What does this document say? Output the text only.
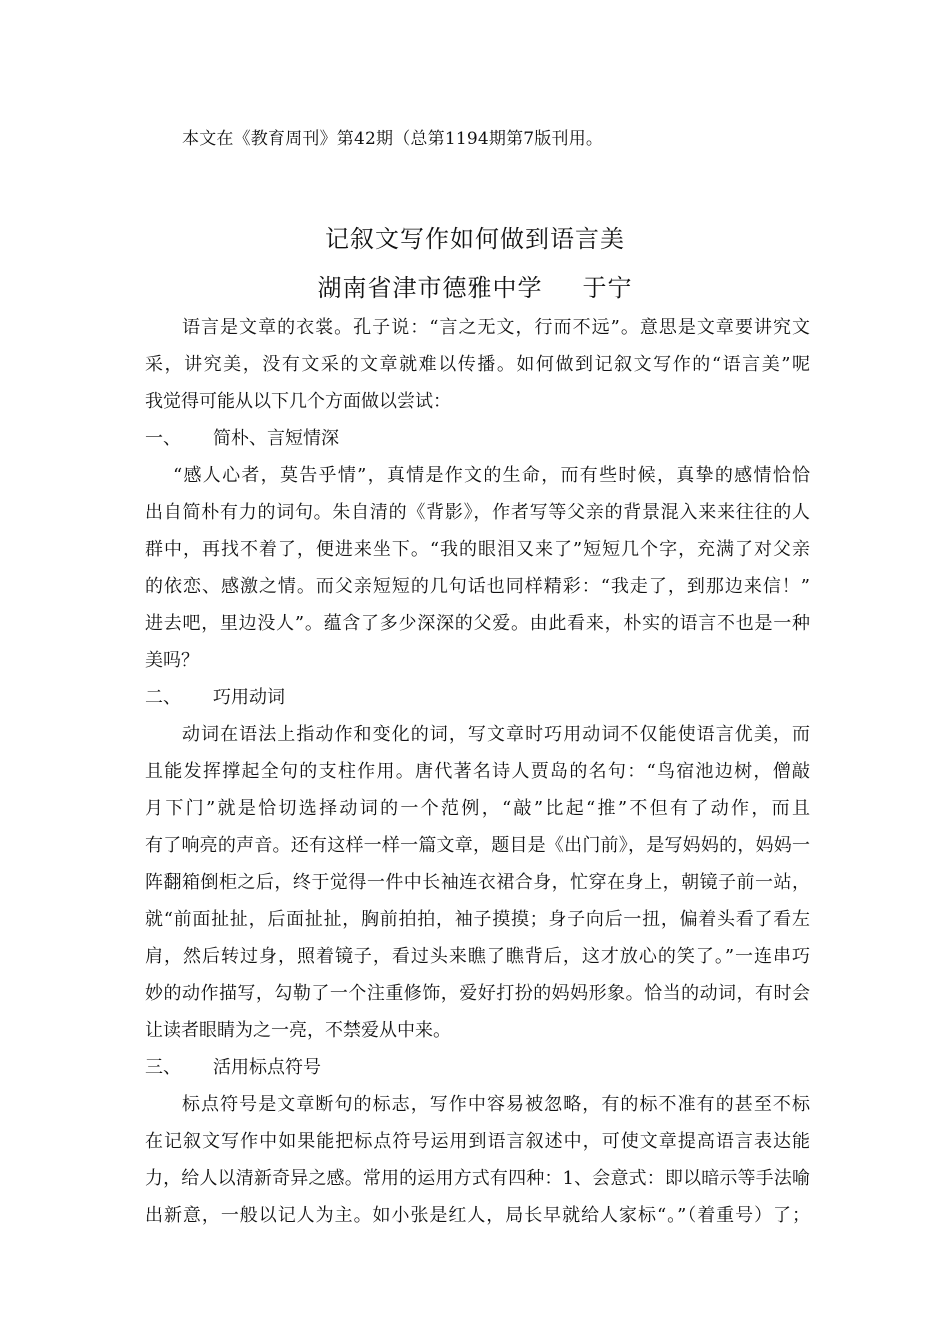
本文在《教育周刊》第42期（总第1194期第7版刊用。
记叙文写作如何做到语言美
湖南省津市德雅中学 于宁
语言是文章的衣裳。孔子说：“言之无文，行而不远”。意思是文章要讲究文
采，讲究美，没有文采的文章就难以传播。如何做到记叙文写作的“语言美”呢
我觉得可能从以下几个方面做以尝试：
一、 简朴、言短情深
“感人心者，莫告乎情”，真情是作文的生命，而有些时候，真挚的感情恰恰
出自简朴有力的词句。朱自清的《背影》，作者写等父亲的背景混入来来往往的人
群中，再找不着了，便进来坐下。“我的眼泪又来了”短短几个字，充满了对父亲
的依恋、感激之情。而父亲短短的几句话也同样精彩：“我走了，到那边来信！”
进去吧，里边没人”。蕴含了多少深深的父爱。由此看来，朴实的语言不也是一种
美吗？
二、 巧用动词
动词在语法上指动作和变化的词，写文章时巧用动词不仅能使语言优美，而
且能发挥撑起全句的支柱作用。唐代著名诗人贾岛的名句：“鸟宿池边树，僧敲
月下门”就是恰切选择动词的一个范例，“敲”比起“推”不但有了动作，而且
有了响亮的声音。还有这样一样一篇文章，题目是《出门前》，是写妈妈的，妈妈一
阵翻箱倒柜之后，终于觉得一件中长袖连衣裙合身，忙穿在身上，朝镜子前一站，
就“前面扯扯，后面扯扯，胸前拍拍，袖子摸摸；身子向后一扭，偏着头看了看左
肩，然后转过身，照着镜子，看过头来瞧了瞧背后，这才放心的笑了。”一连串巧
妙的动作描写，勾勒了一个注重修饰，爱好打扮的妈妈形象。恰当的动词，有时会
让读者眼睛为之一亮，不禁爱从中来。
三、 活用标点符号
标点符号是文章断句的标志，写作中容易被忽略，有的标不准有的甚至不标
在记叙文写作中如果能把标点符号运用到语言叙述中，可使文章提高语言表达能
力，给人以清新奇异之感。常用的运用方式有四种：1、会意式：即以暗示等手法喻
出新意，一般以记人为主。如小张是红人，局长早就给人家标“。”（着重号）了；
